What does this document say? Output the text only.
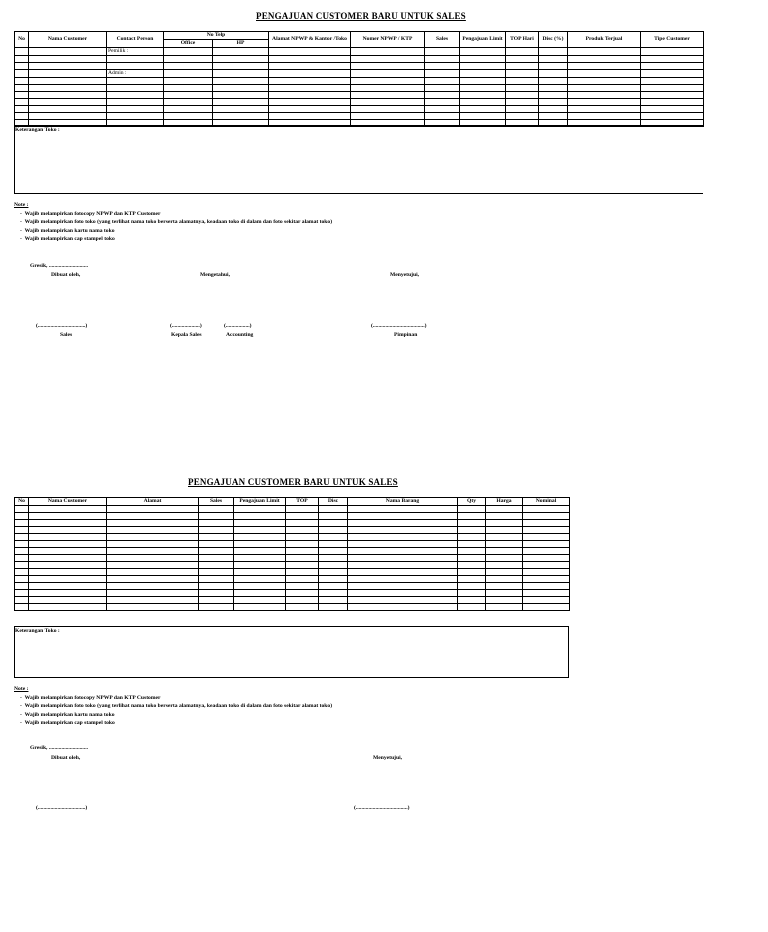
PENGAJUAN CUSTOMER BARU UNTUK SALES
No	Nama Customer	Contact Person	No Telp		Alamat NPWP & Kantor /Toko	Nomer NPWP / KTP	Sales	Pengajuan Limit	TOP Hari	Disc (%)	Produk Terjual	Tipe Customer
			Office	HP								
		Pemilik :										

		Admin :										

Keterangan Toko :
Note :
-  Wajib melampirkan fotocopy NPWP dan KTP Customer
-  Wajib melampirkan foto toko (yang terlihat nama toko berserta alamatnya, keadaan toko di dalam dan foto sekitar alamat toko)
-  Wajib melampirkan kartu nama toko
-  Wajib melampirkan cap stampel toko
Gresik, ............................
Dibuat oleh,	Mengetahui,	Menyetujui,
(..................................)	(....................)	(.................)	(.....................................)
Sales	Kepala Sales	Accounting	Pimpinan
PENGAJUAN CUSTOMER BARU UNTUK SALES
No	Nama Customer	Alamat	Sales	Pengajuan Limit	TOP	Disc	Nama Barang	Qty	Harga	Nominal

Keterangan Toko :
Note :
-  Wajib melampirkan fotocopy NPWP dan KTP Customer
-  Wajib melampirkan foto toko (yang terlihat nama toko berserta alamatnya, keadaan toko di dalam dan foto sekitar alamat toko)
-  Wajib melampirkan kartu nama toko
-  Wajib melampirkan cap stampel toko
Gresik, ............................
Dibuat oleh,	Menyetujui,
(..................................)	(.....................................)
